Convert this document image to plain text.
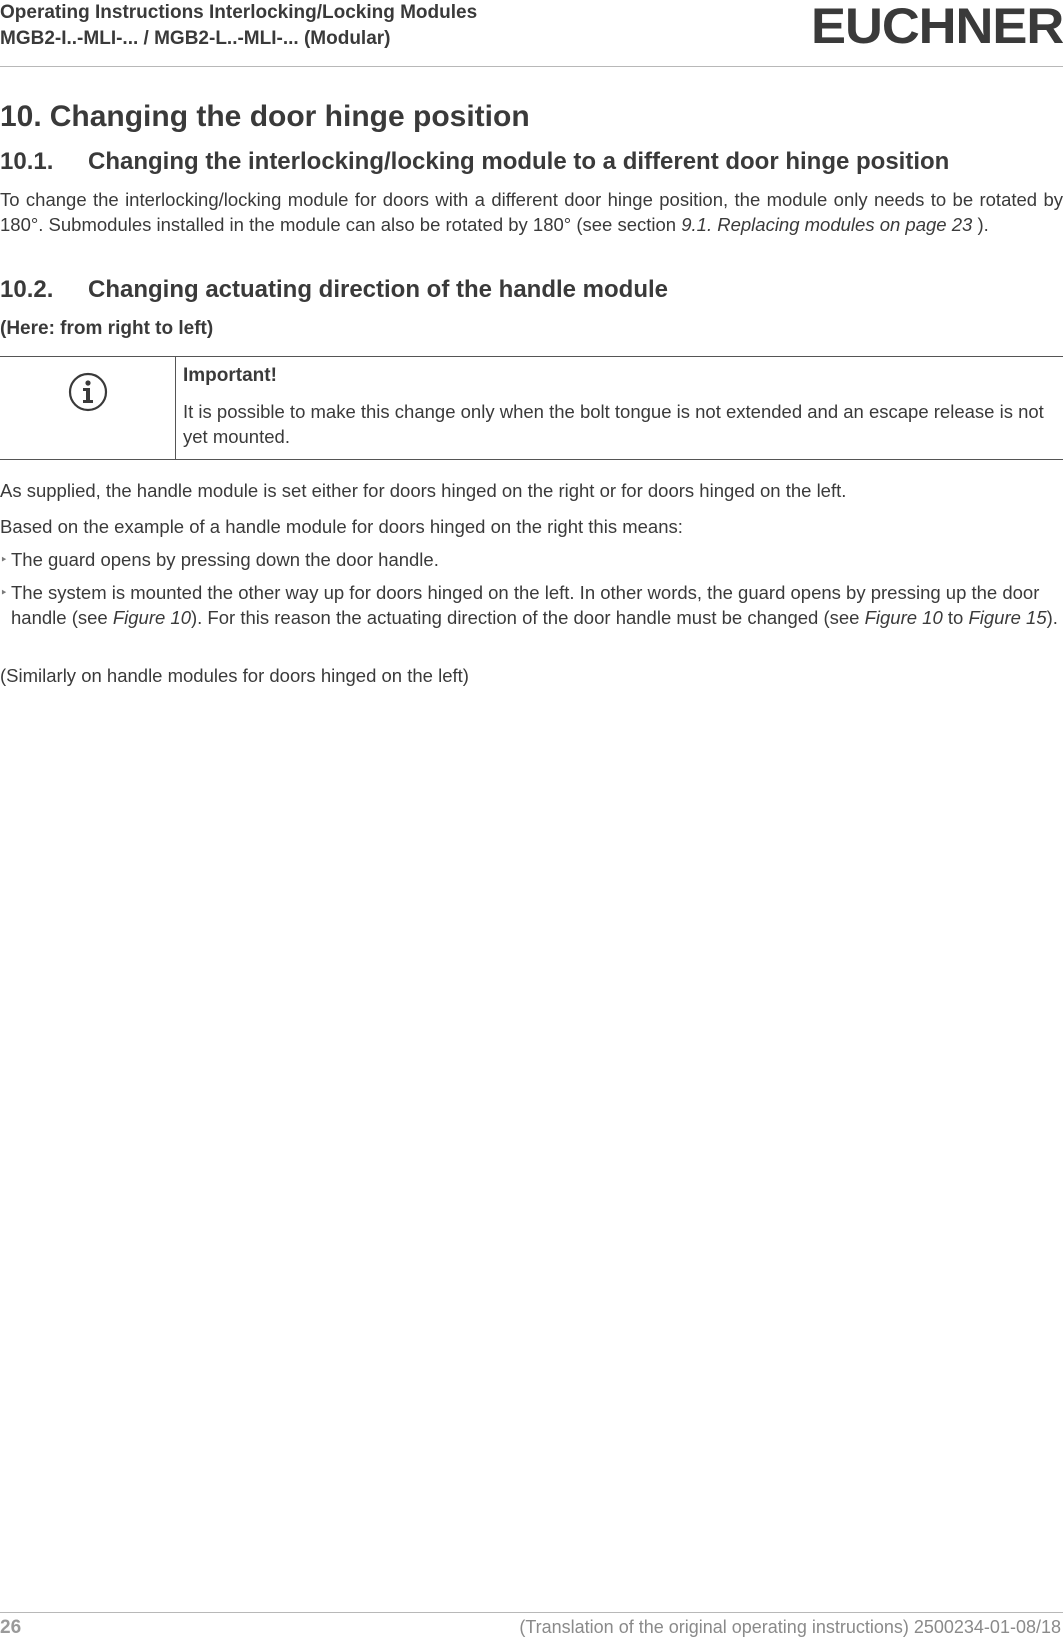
Operating Instructions Interlocking/Locking Modules
MGB2-I..-MLI-... / MGB2-L..-MLI-... (Modular)	EUCHNER
10. Changing the door hinge position
10.1. Changing the interlocking/locking module to a different door hinge position
To change the interlocking/locking module for doors with a different door hinge position, the module only needs to be rotated by 180°. Submodules installed in the module can also be rotated by 180° (see section 9.1. Replacing modules on page 23 ).
10.2. Changing actuating direction of the handle module
(Here: from right to left)
Important!
It is possible to make this change only when the bolt tongue is not extended and an escape release is not yet mounted.
As supplied, the handle module is set either for doors hinged on the right or for doors hinged on the left.
Based on the example of a handle module for doors hinged on the right this means:
‣ The guard opens by pressing down the door handle.
‣ The system is mounted the other way up for doors hinged on the left. In other words, the guard opens by pressing up the door handle (see Figure 10). For this reason the actuating direction of the door handle must be changed (see Figure 10 to Figure 15).
(Similarly on handle modules for doors hinged on the left)
26	(Translation of the original operating instructions) 2500234-01-08/18
